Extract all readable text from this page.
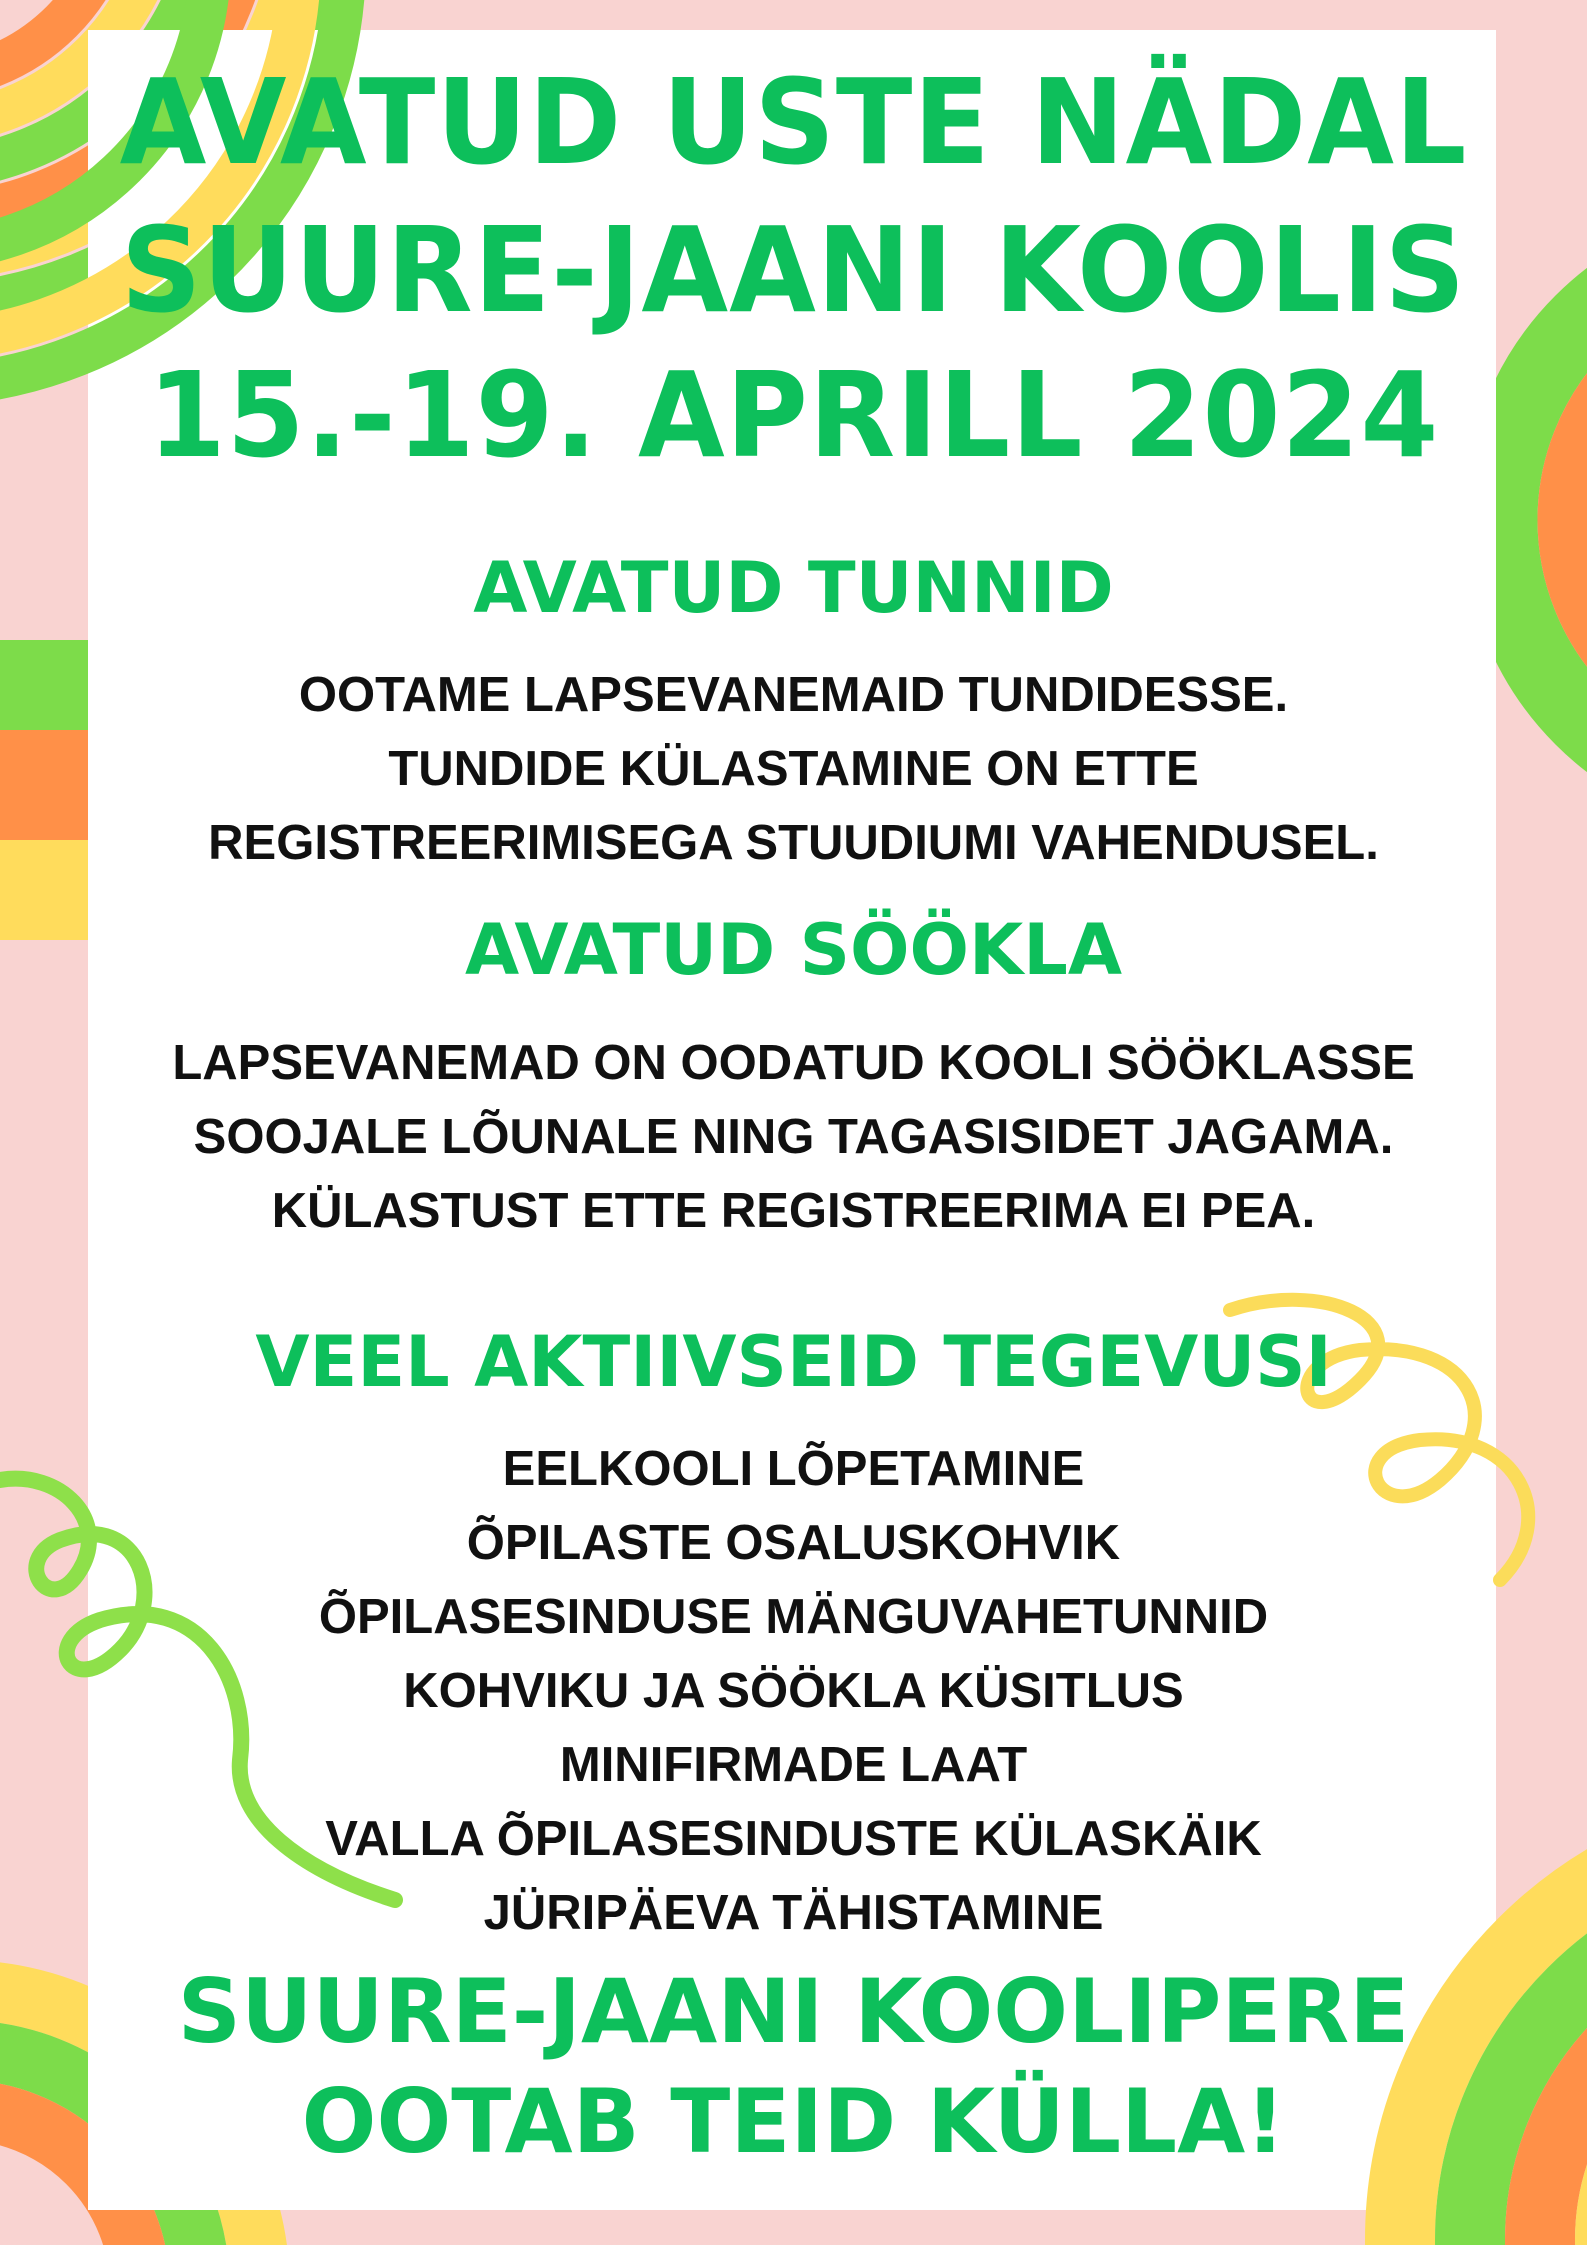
AVATUD USTE NÄDAL
SUURE-JAANI KOOLIS
15.-19. APRILL 2024
AVATUD TUNNID

OOTAME LAPSEVANEMAID TUNDIDESSE.

TUNDIDE KÜLASTAMINE ON ETTE

REGISTREERIMISEGA STUUDIUMI VAHENDUSEL.

AVATUD SÖÖKLA

LAPSEVANEMAD ON OODATUD KOOLI SÖÖKLASSE

SOOJALE LÕUNALE NING TAGASISIDET JAGAMA.

KÜLASTUST ETTE REGISTREERIMA EI PEA.

VEEL AKTIIVSEID TEGEVUSI

EELKOOLI LÕPETAMINE

ÕPILASTE OSALUSKOHVIK

ÕPILASESINDUSE MÄNGUVAHETUNNID

KOHVIKU JA SÖÖKLA KÜSITLUS

MINIFIRMADE LAAT

VALLA ÕPILASESINDUSTE KÜLASKÄIK

JÜRIPÄEVA TÄHISTAMINE

SUURE-JAANI KOOLIPERE
OOTAB TEID KÜLLA!
